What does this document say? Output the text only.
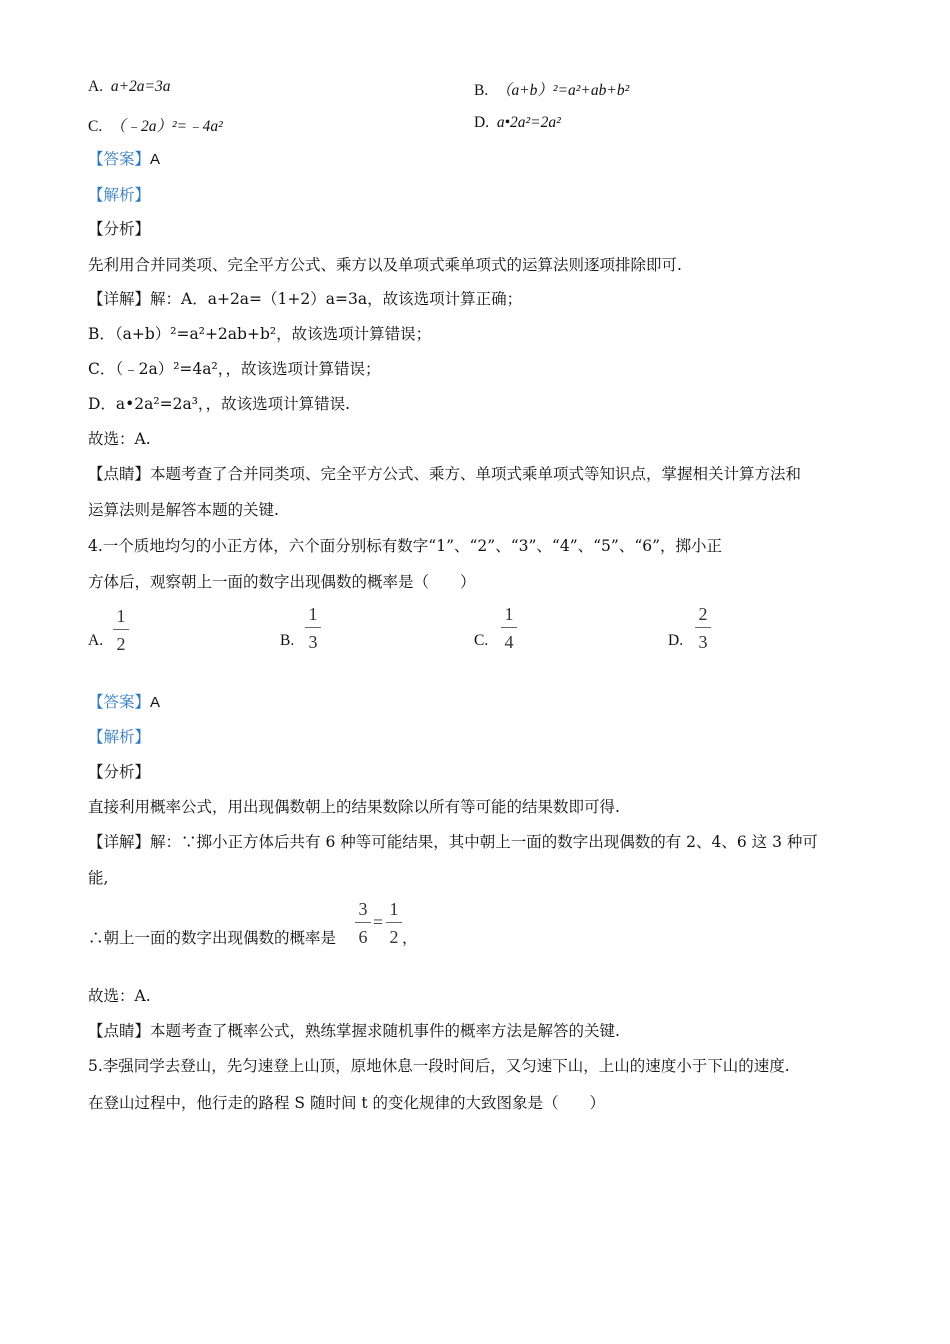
A. a+2a=3a	B. （a+b）²=a²+ab+b²
C. （﹣2a）²=﹣4a²	D. a•2a²=2a²
【答案】A
【解析】
【分析】
先利用合并同类项、完全平方公式、乘方以及单项式乘单项式的运算法则逐项排除即可.
【详解】解：A．a+2a=（1+2）a=3a，故该选项计算正确；
B．（a+b）²=a²+2ab+b²，故该选项计算错误；
C．（﹣2a）²=4a²，，故该选项计算错误；
D．a•2a²=2a³，，故该选项计算错误.
故选：A.
【点睛】本题考查了合并同类项、完全平方公式、乘方、单项式乘单项式等知识点，掌握相关计算方法和
运算法则是解答本题的关键.
4.一个质地均匀的小正方体，六个面分别标有数字“1”、“2”、“3”、“4”、“5”、“6”，掷小正
方体后，观察朝上一面的数字出现偶数的概率是（　　）
A.
1
2	B.
1
3	C.
1
4	D.
2
3
【答案】A
【解析】
【分析】
直接利用概率公式，用出现偶数朝上的结果数除以所有等可能的结果数即可得.
【详解】解：∵掷小正方体后共有 6 种等可能结果，其中朝上一面的数字出现偶数的有 2、4、6 这 3 种可
能,
∴朝上一面的数字出现偶数的概率是
3
6
=
1
2 ，
故选：A.
【点睛】本题考查了概率公式，熟练掌握求随机事件的概率方法是解答的关键.
5.李强同学去登山，先匀速登上山顶，原地休息一段时间后，又匀速下山，上山的速度小于下山的速度.
在登山过程中，他行走的路程 S 随时间 t 的变化规律的大致图象是（　　）
